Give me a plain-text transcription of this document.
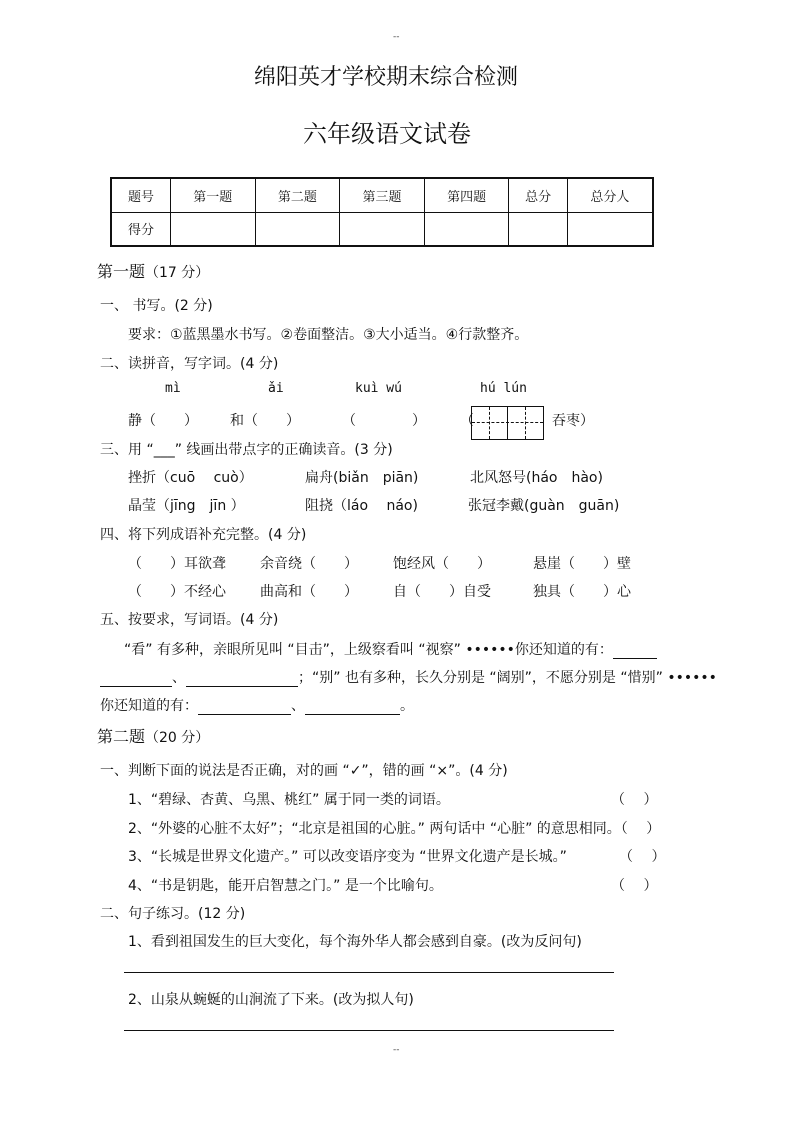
--
--
绵阳英才学校期末综合检测
六年级语文试卷
题号	第一题	第二题	第三题	第四题	总分	总分人
得分						
第一题（17 分）
一、 书写。(2 分)
要求：①蓝黑墨水书写。②卷面整洁。③大小适当。④行款整齐。
二、读拼音，写字词。(4 分)
mì	ǎi	kuì wú	hú lún
静（　　） 和（　　）	（　　　　） （	吞枣）
三、用 “___” 线画出带点字的正确读音。(3 分)
挫折（cuō　 cuò）	扁舟(biǎn　piān)	北风怒号(háo　hào)
晶莹（jīng　jīn ）	阻挠（láo　 náo)	张冠李戴(guàn　guān)
四、将下列成语补充完整。(4 分)
（　　）耳欲聋 余音绕（　　）	饱经风（　　）	悬崖（　　）壁
（　　）不经心 曲高和（　　）	自（　　）自受	独具（　　）心
五、按要求，写词语。(4 分)
“看” 有多种，亲眼所见叫 “目击”，上级察看叫 “视察” ••••••你还知道的有：
、	；“别” 也有多种，长久分别是 “阔别”，不愿分别是 “惜别” ••••••
你还知道的有：	、	。
第二题（20 分）
一、判断下面的说法是否正确，对的画 “✓”，错的画 “×”。(4 分)
1、“碧绿、杏黄、乌黑、桃红” 属于同一类的词语。	（　 ）
2、“外婆的心脏不太好”；“北京是祖国的心脏。” 两句话中 “心脏” 的意思相同。（　 ）
3、“长城是世界文化遗产。” 可以改变语序变为 “世界文化遗产是长城。”	（　 ）
4、“书是钥匙，能开启智慧之门。” 是一个比喻句。	（　 ）
二、句子练习。(12 分)
1、看到祖国发生的巨大变化，每个海外华人都会感到自豪。(改为反问句)
2、山泉从蜿蜒的山涧流了下来。(改为拟人句)
